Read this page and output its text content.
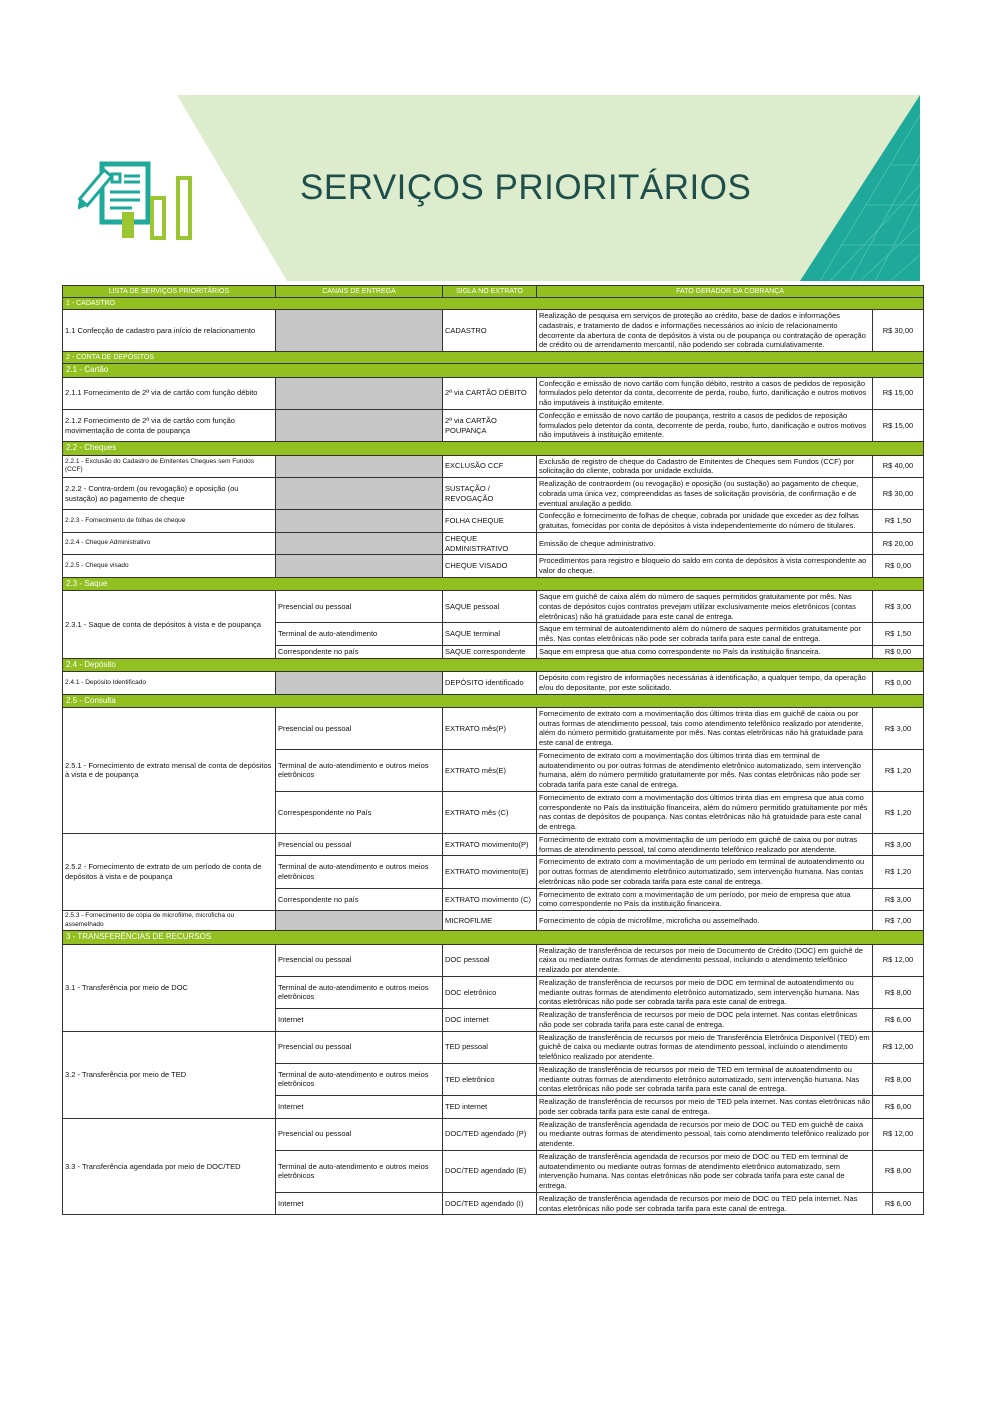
SERVIÇOS PRIORITÁRIOS
LISTA DE SERVIÇOS PRIORITÁRIOS	CANAIS DE ENTREGA	SIGLA NO EXTRATO	FATO GERADOR DA COBRANÇA	
1 - CADASTRO				
1.1 Confecção de cadastro para início de relacionamento		CADASTRO	Realização de pesquisa em serviços de proteção ao crédito, base de dados e informações cadastrais, e tratamento de dados e informações necessários ao início de relacionamento decorrente da abertura de conta de depósitos à vista ou de poupança ou contratação de operação de crédito ou de arrendamento mercantil, não podendo ser cobrada cumulativamente.	R$ 30,00
2 - CONTA DE DEPÓSITOS				
2.1 - Cartão				
2.1.1 Fornecimento de 2ª via de cartão com função débito		2ª via CARTÃO DÉBITO	Confecção e emissão de novo cartão com função débito, restrito a casos de pedidos de reposição formulados pelo detentor da conta, decorrente de perda, roubo, furto, danificação e outros motivos não imputáveis à instituição emitente.	R$ 15,00
2.1.2 Fornecimento de 2ª via de cartão com função movimentação de conta de poupança		2ª via CARTÃO POUPANÇA	Confecção e emissão de novo cartão de poupança, restrito a casos de pedidos de reposição formulados pelo detentor da conta, decorrente de perda, roubo, furto, danificação e outros motivos não imputáveis à instituição emitente.	R$ 15,00
2.2 - Cheques				
2.2.1 - Exclusão do Cadastro de Emitentes Cheques sem Fundos (CCF)		EXCLUSÃO CCF	Exclusão de registro de cheque do Cadastro de Emitentes de Cheques sem Fundos (CCF) por solicitação do cliente, cobrada por unidade excluída.	R$ 40,00
2.2.2 - Contra-ordem (ou revogação) e oposição (ou sustação) ao pagamento de cheque		SUSTAÇÃO / REVOGAÇÃO	Realização de contraordem (ou revogação) e oposição (ou sustação) ao pagamento de cheque, cobrada uma única vez, compreendidas as fases de solicitação provisória, de confirmação e de eventual anulação a pedido.	R$ 30,00
2.2.3 - Fornecimento de folhas de cheque		FOLHA CHEQUE	Confecção e fornecimento de folhas de cheque, cobrada por unidade que exceder as dez folhas gratuitas, fornecidas por conta de depósitos à vista independentemente do número de titulares.	R$ 1,50
2.2.4 - Cheque Administrativo		CHEQUE ADMINISTRATIVO	Emissão de cheque administrativo.	R$ 20,00
2.2.5 - Cheque visado		CHEQUE VISADO	Procedimentos para registro e bloqueio do saldo em conta de depósitos à vista correspondente ao valor do cheque.	R$ 0,00
2.3 - Saque				
2.3.1 - Saque de conta de depósitos à vista e de poupança	Presencial ou pessoal	SAQUE pessoal	Saque em guichê de caixa além do número de saques permitidos gratuitamente por mês. Nas contas de depósitos cujos contratos prevejam utilizar exclusivamente meios eletrônicos (contas eletrônicas) não há gratuidade para este canal de entrega.	R$ 3,00
	Terminal de auto-atendimento	SAQUE terminal	Saque em terminal de autoatendimento além do número de saques permitidos gratuitamente por mês. Nas contas eletrônicas não pode ser cobrada tarifa para este canal de entrega.	R$ 1,50
	Correspondente no país	SAQUE correspondente	Saque em empresa que atua como correspondente no País da instituição financeira.	R$ 0,00
2.4 - Depósito				
2.4.1 - Depósito Identificado		DEPÓSITO identificado	Depósito com registro de informações necessárias à identificação, a qualquer tempo, da operação e/ou do depositante, por este solicitado.	R$ 0,00
2.5 - Consulta				
2.5.1 - Fornecimento de extrato mensal de conta de depósitos à vista e de poupança	Presencial ou pessoal	EXTRATO mês(P)	Fornecimento de extrato com a movimentação dos últimos trinta dias em guichê de caixa ou por outras formas de atendimento pessoal, tais como atendimento telefônico realizado por atendente, além do número permitido gratuitamente por mês. Nas contas eletrônicas não há gratuidade para este canal de entrega.	R$ 3,00
	Terminal de auto-atendimento e outros meios eletrônicos	EXTRATO mês(E)	Fornecimento de extrato com a movimentação dos últimos trinta dias em terminal de autoatendimento ou por outras formas de atendimento eletrônico automatizado, sem intervenção humana, além do número permitido gratuitamente por mês. Nas contas eletrônicas não pode ser cobrada tarifa para este canal de entrega.	R$ 1,20
	Correspespondente no País	EXTRATO mês (C)	Fornecimento de extrato com a movimentação dos últimos trinta dias em empresa que atua como correspondente no País da instituição financeira, além do número permitido gratuitamente por mês nas contas de depósitos de poupança. Nas contas eletrônicas não há gratuidade para este canal de entrega.	R$ 1,20
2.5.2 - Fornecimento de extrato de um período de conta de depósitos à vista e de poupança	Presencial ou pessoal	EXTRATO movimento(P)	Fornecimento de extrato com a movimentação de um período em guichê de caixa ou por outras formas de atendimento pessoal, tal como atendimento telefônico realizado por atendente.	R$ 3,00
	Terminal de auto-atendimento e outros meios eletrônicos	EXTRATO movimento(E)	Fornecimento de extrato com a movimentação de um período em terminal de autoatendimento ou por outras formas de atendimento eletrônico automatizado, sem intervenção humana. Nas contas eletrônicas não pode ser cobrada tarifa para este canal de entrega.	R$ 1,20
	Correspondente no país	EXTRATO movimento (C)	Fornecimento de extrato com a movimentação de um período, por meio de empresa que atua como correspondente no País da instituição financeira.	R$ 3,00
2.5.3 - Fornecimento de cópia de microfilme, microficha ou assemelhado		MICROFILME	Fornecimento de cópia de microfilme, microficha ou assemelhado.	R$ 7,00
3 - TRANSFERÊNCIAS DE RECURSOS				
3.1 - Transferência por meio de DOC	Presencial ou pessoal	DOC pessoal	Realização de transferência de recursos por meio de Documento de Crédito (DOC) em guichê de caixa ou mediante outras formas de atendimento pessoal, incluindo o atendimento telefônico realizado por atendente.	R$ 12,00
	Terminal de auto-atendimento e outros meios eletrônicos	DOC eletrônico	Realização de transferência de recursos por meio de DOC em terminal de autoatendimento ou mediante outras formas de atendimento eletrônico automatizado, sem intervenção humana. Nas contas eletrônicas não pode ser cobrada tarifa para este canal de entrega.	R$ 8,00
	Internet	DOC internet	Realização de transferência de recursos por meio de DOC pela internet. Nas contas eletrônicas não pode ser cobrada tarifa para este canal de entrega.	R$ 6,00
3.2 - Transferência por meio de TED	Presencial ou pessoal	TED pessoal	Realização de transferência de recursos por meio de Transferência Eletrônica Disponível (TED) em guichê de caixa ou mediante outras formas de atendimento pessoal, incluindo o atendimento telefônico realizado por atendente.	R$ 12,00
	Terminal de auto-atendimento e outros meios eletrônicos	TED eletrônico	Realização de transferência de recursos por meio de TED em terminal de autoatendimento ou mediante outras formas de atendimento eletrônico automatizado, sem intervenção humana. Nas contas eletrônicas não pode ser cobrada tarifa para este canal de entrega.	R$ 8,00
	Internet	TED internet	Realização de transferência de recursos por meio de TED pela internet. Nas contas eletrônicas não pode ser cobrada tarifa para este canal de entrega.	R$ 6,00
3.3 - Transferência agendada por meio de DOC/TED	Presencial ou pessoal	DOC/TED agendado (P)	Realização de transferência agendada de recursos por meio de DOC ou TED em guichê de caixa ou mediante outras formas de atendimento pessoal, tais como atendimento telefônico realizado por atendente.	R$ 12,00
	Terminal de auto-atendimento e outros meios eletrônicos	DOC/TED agendado (E)	Realização de transferência agendada de recursos por meio de DOC ou TED em terminal de autoatendimento ou mediante outras formas de atendimento eletrônico automatizado, sem intervenção humana. Nas contas eletrônicas não pode ser cobrada tarifa para este canal de entrega.	R$ 8,00
	Internet	DOC/TED agendado (I)	Realização de transferência agendada de recursos por meio de DOC ou TED pela internet. Nas contas eletrônicas não pode ser cobrada tarifa para este canal de entrega.	R$ 6,00
